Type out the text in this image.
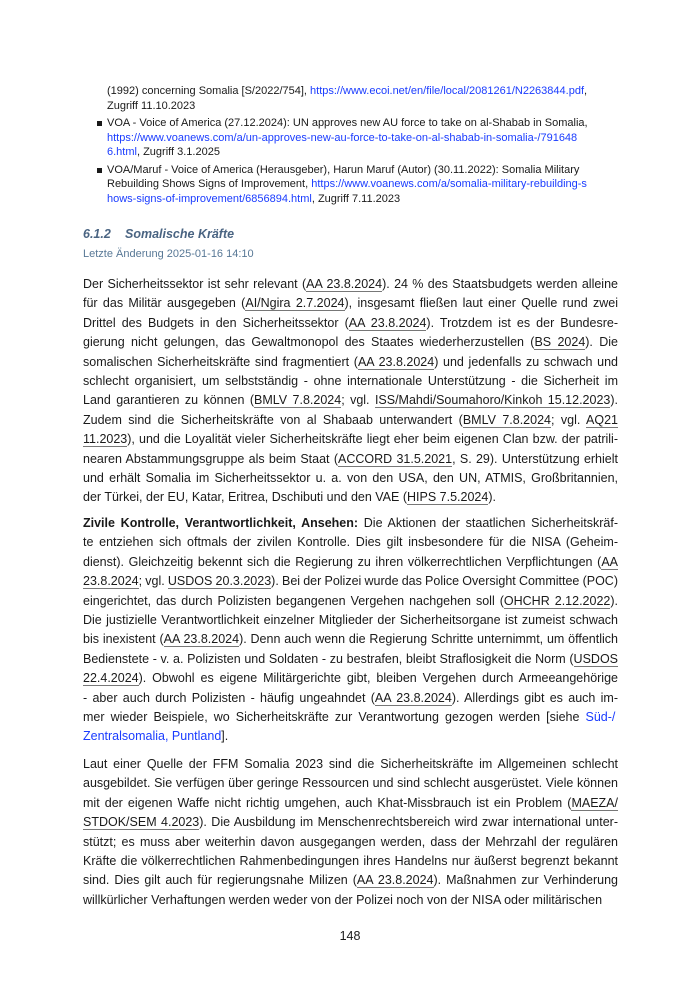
(1992) concerning Somalia [S/2022/754], https://www.ecoi.net/en/file/local/2081261/N2263844.pdf,
Zugriff 11.10.2023
VOA - Voice of America (27.12.2024): UN approves new AU force to take on al-Shabab in Somalia,
https://www.voanews.com/a/un-approves-new-au-force-to-take-on-al-shabab-in-somalia-/791648
6.html, Zugriff 3.1.2025
VOA/Maruf - Voice of America (Herausgeber), Harun Maruf (Autor) (30.11.2022): Somalia Military
Rebuilding Shows Signs of Improvement, https://www.voanews.com/a/somalia-military-rebuilding-s
hows-signs-of-improvement/6856894.html, Zugriff 7.11.2023
6.1.2 Somalische Kräfte
Letzte Änderung 2025-01-16 14:10
Der Sicherheitssektor ist sehr relevant (AA 23.8.2024). 24 % des Staatsbudgets werden alleine
für das Militär ausgegeben (AI/Ngira 2.7.2024), insgesamt fließen laut einer Quelle rund zwei
Drittel des Budgets in den Sicherheitssektor (AA 23.8.2024). Trotzdem ist es der Bundesre-
gierung nicht gelungen, das Gewaltmonopol des Staates wiederherzustellen (BS 2024). Die
somalischen Sicherheitskräfte sind fragmentiert (AA 23.8.2024) und jedenfalls zu schwach und
schlecht organisiert, um selbstständig - ohne internationale Unterstützung - die Sicherheit im
Land garantieren zu können (BMLV 7.8.2024; vgl. ISS/Mahdi/Soumahoro/Kinkoh 15.12.2023).
Zudem sind die Sicherheitskräfte von al Shabaab unterwandert (BMLV 7.8.2024; vgl. AQ21
11.2023), und die Loyalität vieler Sicherheitskräfte liegt eher beim eigenen Clan bzw. der patrili-
nearen Abstammungsgruppe als beim Staat (ACCORD 31.5.2021, S. 29). Unterstützung erhielt
und erhält Somalia im Sicherheitssektor u. a. von den USA, den UN, ATMIS, Großbritannien,
der Türkei, der EU, Katar, Eritrea, Dschibuti und den VAE (HIPS 7.5.2024).
Zivile Kontrolle, Verantwortlichkeit, Ansehen: Die Aktionen der staatlichen Sicherheitskräf-
te entziehen sich oftmals der zivilen Kontrolle. Dies gilt insbesondere für die NISA (Geheim-
dienst). Gleichzeitig bekennt sich die Regierung zu ihren völkerrechtlichen Verpflichtungen (AA
23.8.2024; vgl. USDOS 20.3.2023). Bei der Polizei wurde das Police Oversight Committee (POC)
eingerichtet, das durch Polizisten begangenen Vergehen nachgehen soll (OHCHR 2.12.2022).
Die justizielle Verantwortlichkeit einzelner Mitglieder der Sicherheitsorgane ist zumeist schwach
bis inexistent (AA 23.8.2024). Denn auch wenn die Regierung Schritte unternimmt, um öffentlich
Bedienstete - v. a. Polizisten und Soldaten - zu bestrafen, bleibt Straflosigkeit die Norm (USDOS
22.4.2024). Obwohl es eigene Militärgerichte gibt, bleiben Vergehen durch Armeeangehörige
- aber auch durch Polizisten - häufig ungeahndet (AA 23.8.2024). Allerdings gibt es auch im-
mer wieder Beispiele, wo Sicherheitskräfte zur Verantwortung gezogen werden [siehe Süd-/
Zentralsomalia, Puntland].
Laut einer Quelle der FFM Somalia 2023 sind die Sicherheitskräfte im Allgemeinen schlecht
ausgebildet. Sie verfügen über geringe Ressourcen und sind schlecht ausgerüstet. Viele können
mit der eigenen Waffe nicht richtig umgehen, auch Khat-Missbrauch ist ein Problem (MAEZA/
STDOK/SEM 4.2023). Die Ausbildung im Menschenrechtsbereich wird zwar international unter-
stützt; es muss aber weiterhin davon ausgegangen werden, dass der Mehrzahl der regulären
Kräfte die völkerrechtlichen Rahmenbedingungen ihres Handelns nur äußerst begrenzt bekannt
sind. Dies gilt auch für regierungsnahe Milizen (AA 23.8.2024). Maßnahmen zur Verhinderung
willkürlicher Verhaftungen werden weder von der Polizei noch von der NISA oder militärischen
148
